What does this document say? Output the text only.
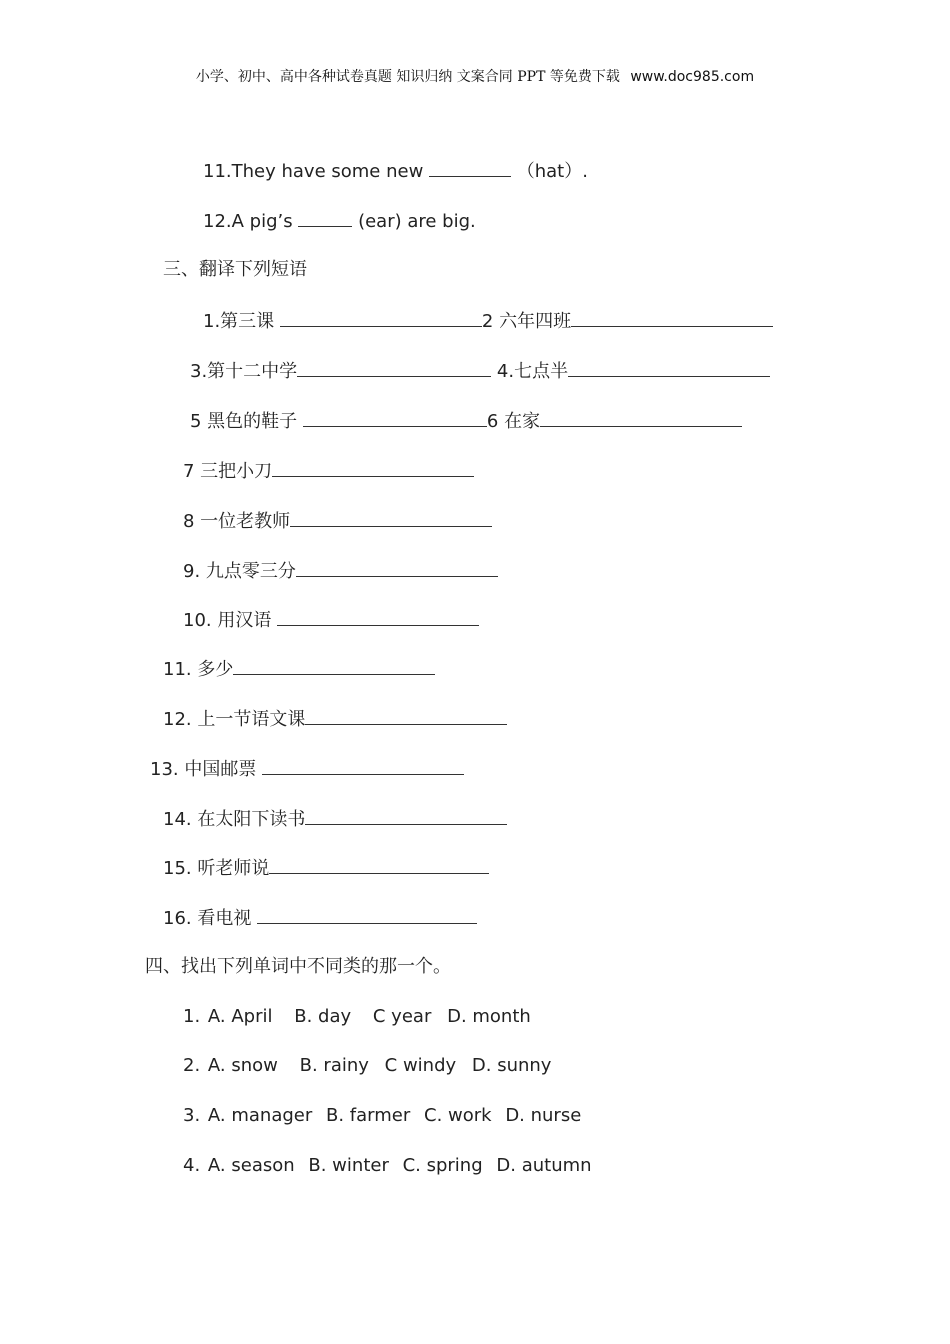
小学、初中、高中各种试卷真题 知识归纳 文案合同 PPT 等免费下载 www.doc985.com
11.They have some new	（hat）.
12.A pig’s	(ear) are big.
三、翻译下列短语
1.第三课	2 六年四班
3.第十二中学	4.七点半
5 黑色的鞋子	6 在家
7 三把小刀
8 一位老教师
9. 九点零三分
10. 用汉语
11. 多少
12. 上一节语文课
13. 中国邮票
14. 在太阳下读书
15. 听老师说
16. 看电视
四、找出下列单词中不同类的那一个。
1. A. April B. day C year D. month
2. A. snow B. rainy C windy D. sunny
3. A. manager B. farmer C. work D. nurse
4. A. season B. winter C. spring D. autumn
